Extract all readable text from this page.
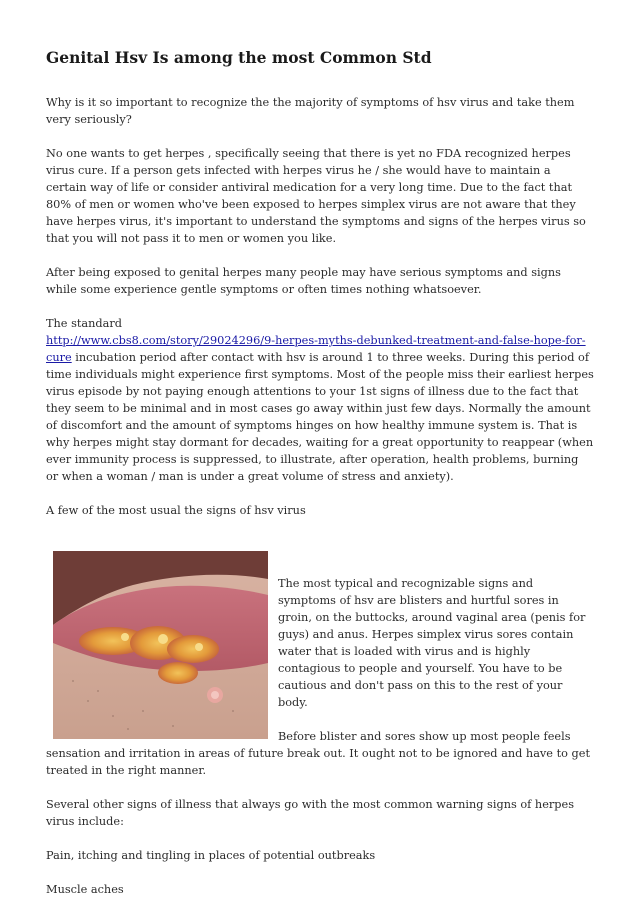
Genital Hsv Is among the most Common Std

Why is it so important to recognize the the majority of symptoms of hsv virus and take them very seriously?

No one wants to get herpes , specifically seeing that there is yet no FDA recognized herpes virus cure. If a person gets infected with herpes virus he / she would have to maintain a certain way of life or consider antiviral medication for a very long time. Due to the fact that 80% of men or women who've been exposed to herpes simplex virus are not aware that they have herpes virus, it's important to understand the symptoms and signs of the herpes virus so that you will not pass it to men or women you like.

After being exposed to genital herpes many people may have serious symptoms and signs while some experience gentle symptoms or often times nothing whatsoever.

The standard
http://www.cbs8.com/story/29024296/9-herpes-myths-debunked-treatment-and-false-hope-for-cure incubation period after contact with hsv is around 1 to three weeks. During this period of time individuals might experience first symptoms. Most of the people miss their earliest herpes virus episode by not paying enough attentions to your 1st signs of illness due to the fact that they seem to be minimal and in most cases go away within just few days. Normally the amount of discomfort and the amount of symptoms hinges on how healthy immune system is. That is why herpes might stay dormant for decades, waiting for a great opportunity to reappear (when ever immunity process is suppressed, to illustrate, after operation, health problems, burning or when a woman / man is under a great volume of stress and anxiety).

A few of the most usual the signs of hsv virus

The most typical and recognizable signs and symptoms of hsv are blisters and hurtful sores in groin, on the buttocks, around vaginal area (penis for guys) and anus. Herpes simplex virus sores contain water that is loaded with virus and is highly contagious to people and yourself. You have to be cautious and don't pass on this to the rest of your body.

Before blister and sores show up most people feels sensation and irritation in areas of future break out. It ought not to be ignored and have to get treated in the right manner.

Several other signs of illness that always go with the most common warning signs of herpes virus include:

Pain, itching and tingling in places of potential outbreaks

Muscle aches
